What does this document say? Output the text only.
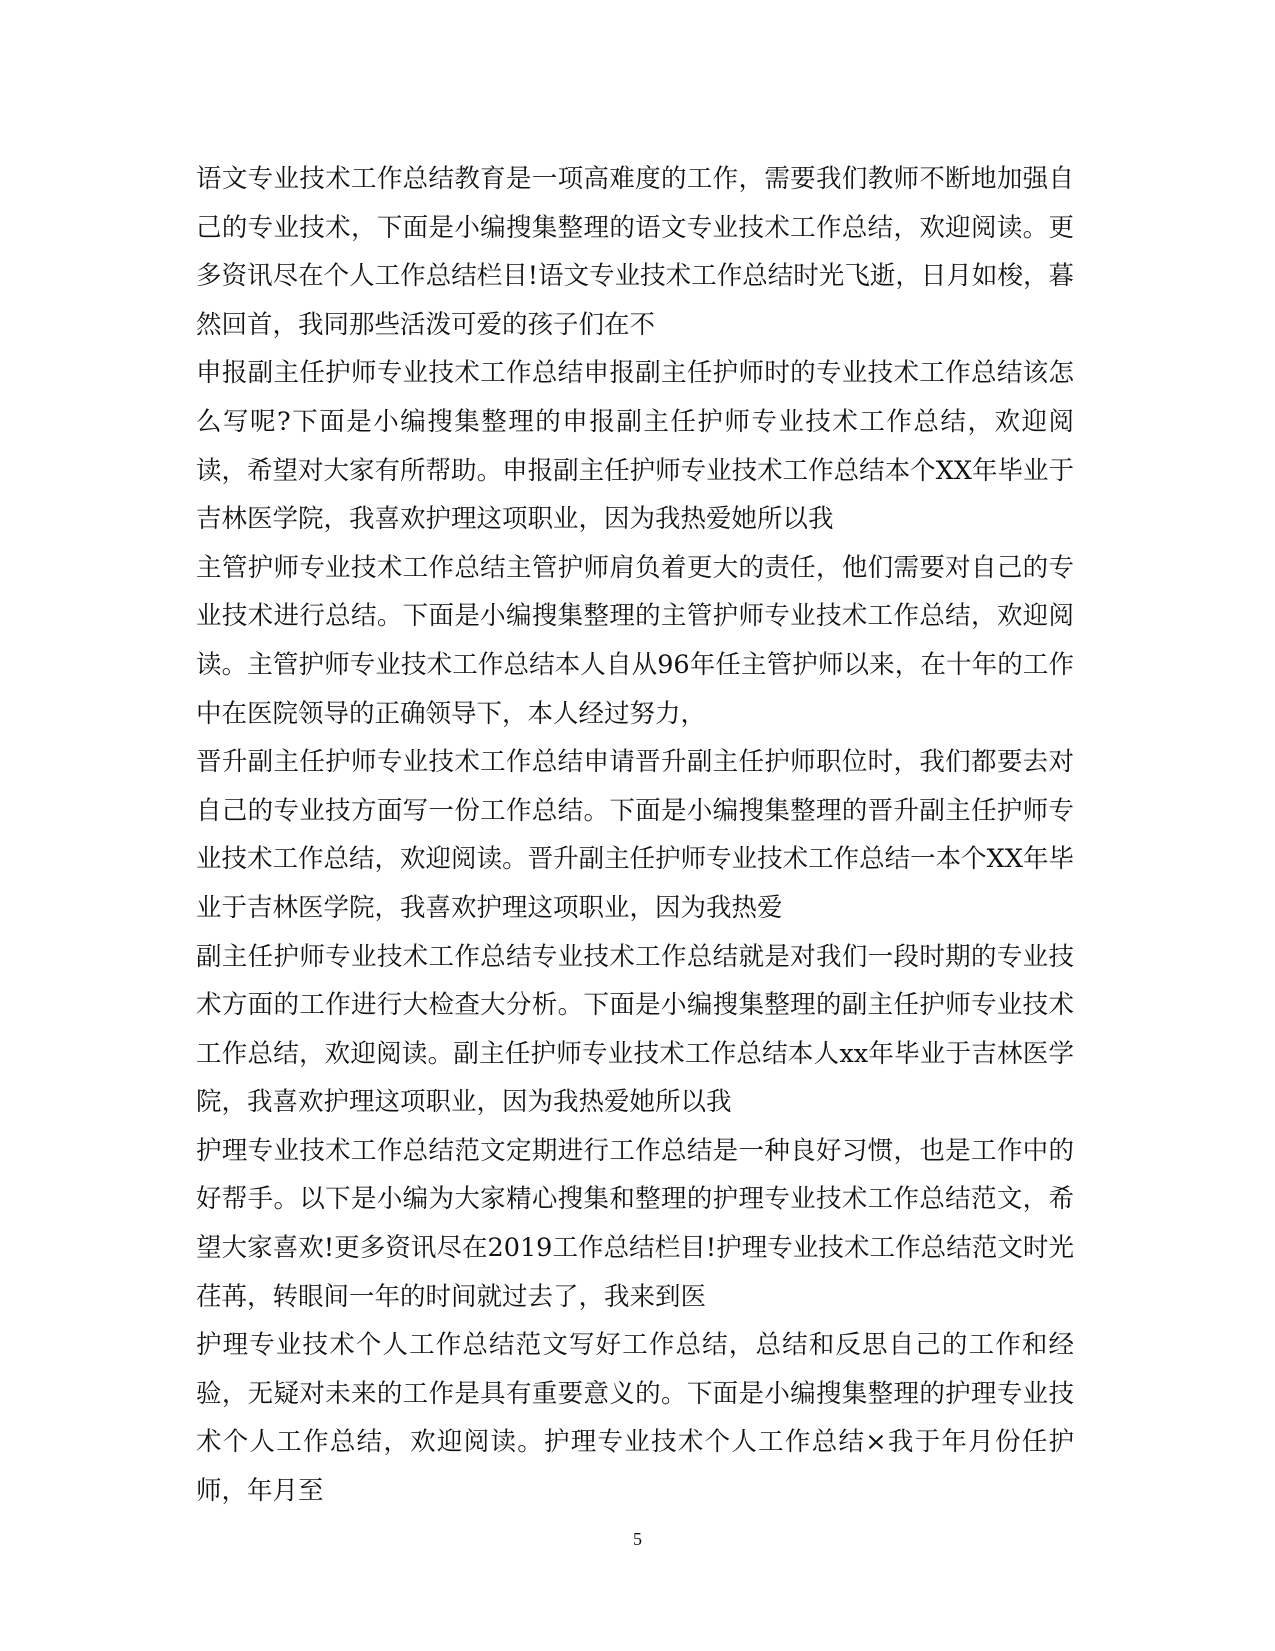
语文专业技术工作总结教育是一项高难度的工作，需要我们教师不断地加强自己的专业技术，下面是小编搜集整理的语文专业技术工作总结，欢迎阅读。更多资讯尽在个人工作总结栏目!语文专业技术工作总结时光飞逝，日月如梭，暮然回首，我同那些活泼可爱的孩子们在不

申报副主任护师专业技术工作总结申报副主任护师时的专业技术工作总结该怎么写呢?下面是小编搜集整理的申报副主任护师专业技术工作总结，欢迎阅读，希望对大家有所帮助。申报副主任护师专业技术工作总结本个XX年毕业于吉林医学院，我喜欢护理这项职业，因为我热爱她所以我

主管护师专业技术工作总结主管护师肩负着更大的责任，他们需要对自己的专业技术进行总结。下面是小编搜集整理的主管护师专业技术工作总结，欢迎阅读。主管护师专业技术工作总结本人自从96年任主管护师以来，在十年的工作中在医院领导的正确领导下，本人经过努力，

晋升副主任护师专业技术工作总结申请晋升副主任护师职位时，我们都要去对自己的专业技方面写一份工作总结。下面是小编搜集整理的晋升副主任护师专业技术工作总结，欢迎阅读。晋升副主任护师专业技术工作总结一本个XX年毕业于吉林医学院，我喜欢护理这项职业，因为我热爱

副主任护师专业技术工作总结专业技术工作总结就是对我们一段时期的专业技术方面的工作进行大检查大分析。下面是小编搜集整理的副主任护师专业技术工作总结，欢迎阅读。副主任护师专业技术工作总结本人xx年毕业于吉林医学院，我喜欢护理这项职业，因为我热爱她所以我

护理专业技术工作总结范文定期进行工作总结是一种良好习惯，也是工作中的好帮手。以下是小编为大家精心搜集和整理的护理专业技术工作总结范文，希望大家喜欢!更多资讯尽在2019工作总结栏目!护理专业技术工作总结范文时光荏苒，转眼间一年的时间就过去了，我来到医

护理专业技术个人工作总结范文写好工作总结，总结和反思自己的工作和经验，无疑对未来的工作是具有重要意义的。下面是小编搜集整理的护理专业技术个人工作总结，欢迎阅读。护理专业技术个人工作总结×我于年月份任护师，年月至

5
